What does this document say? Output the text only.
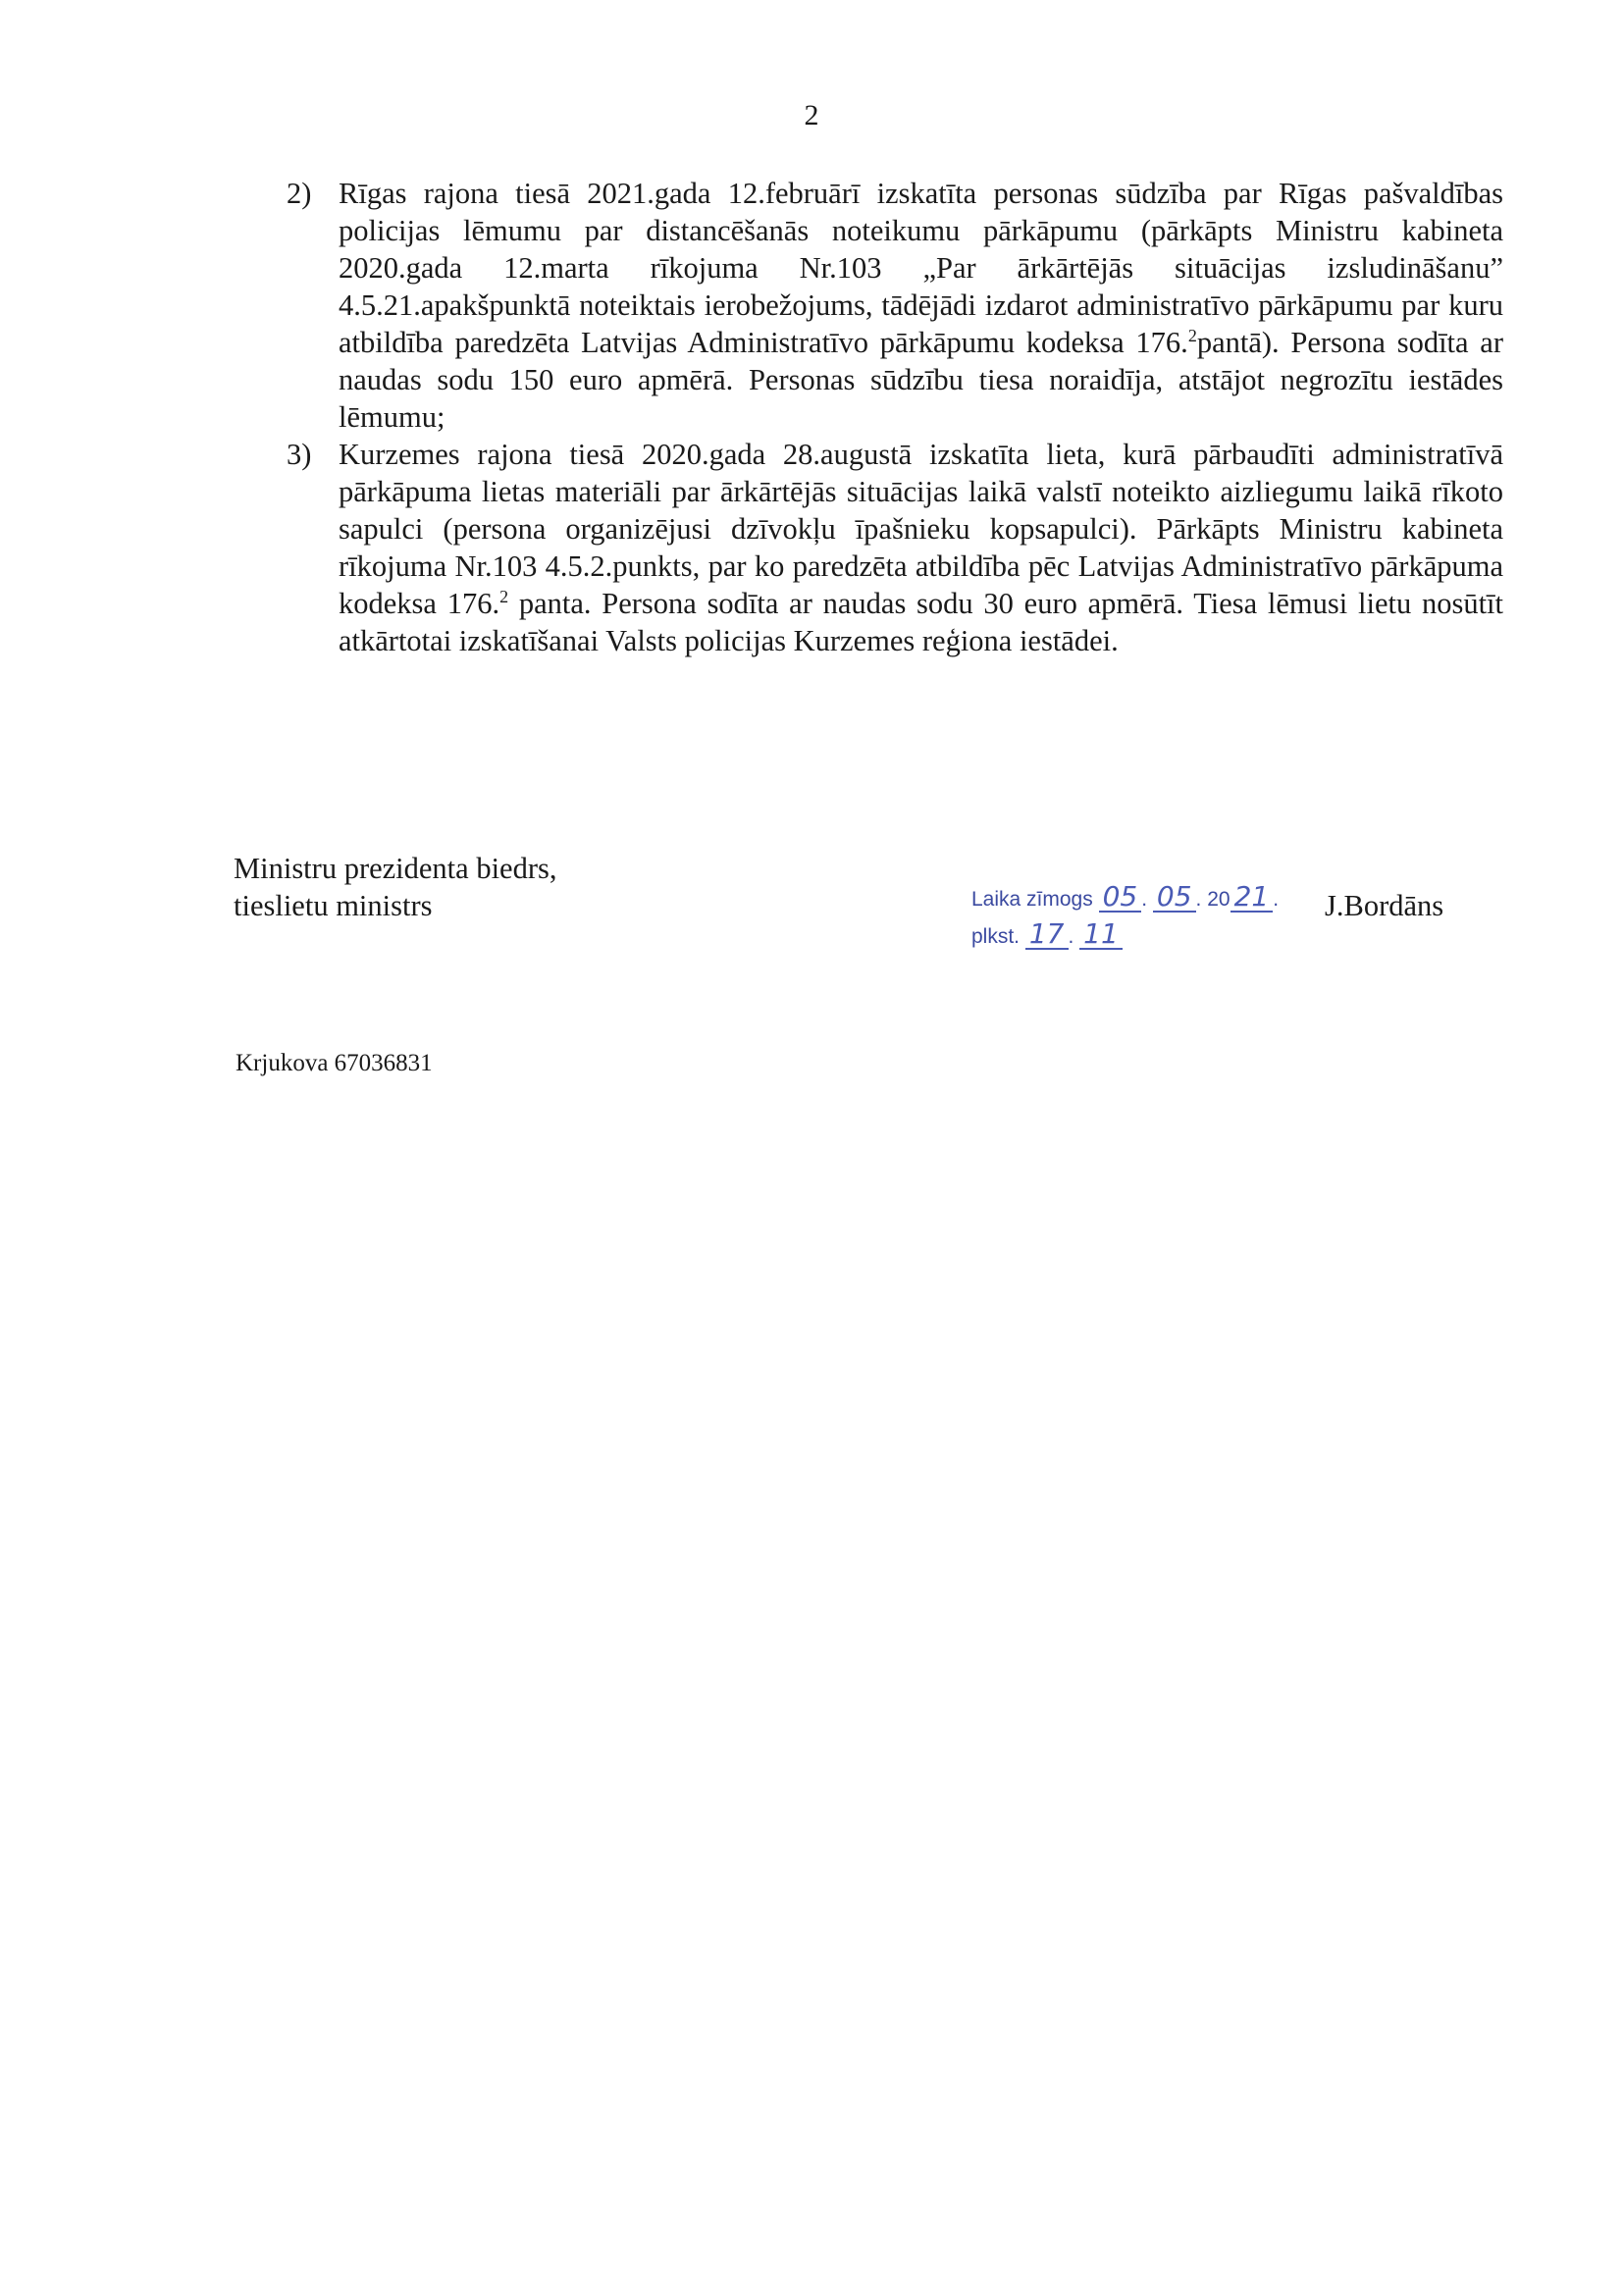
2
2) Rīgas rajona tiesā 2021.gada 12.februārī izskatīta personas sūdzība par Rīgas pašvaldības policijas lēmumu par distancēšanās noteikumu pārkāpumu (pārkāpts Ministru kabineta 2020.gada 12.marta rīkojuma Nr.103 „Par ārkārtējās situācijas izsludināšanu” 4.5.21.apakšpunktā noteiktais ierobežojums, tādējādi izdarot administratīvo pārkāpumu par kuru atbildība paredzēta Latvijas Administratīvo pārkāpumu kodeksa 176.$^2$pantā). Persona sodīta ar naudas sodu 150 euro apmērā. Personas sūdzību tiesa noraidīja, atstājot negrozītu iestādes lēmumu;
3) Kurzemes rajona tiesā 2020.gada 28.augustā izskatīta lieta, kurā pārbaudīti administratīvā pārkāpuma lietas materiāli par ārkārtējās situācijas laikā valstī noteikto aizliegumu laikā rīkoto sapulci (persona organizējusi dzīvokļu īpašnieku kopsapulci). Pārkāpts Ministru kabineta rīkojuma Nr.103 4.5.2.punkts, par ko paredzēta atbildība pēc Latvijas Administratīvo pārkāpuma kodeksa 176.$^2$ panta. Persona sodīta ar naudas sodu 30 euro apmērā. Tiesa lēmusi lietu nosūtīt atkārtotai izskatīšanai Valsts policijas Kurzemes reģiona iestādei.
Ministru prezidenta biedrs,
tieslietu ministrs	Laika zīmogs 05 . 05 . 20 21 .
plkst. 17 . 11
J.Bordāns
Krjukova 67036831
